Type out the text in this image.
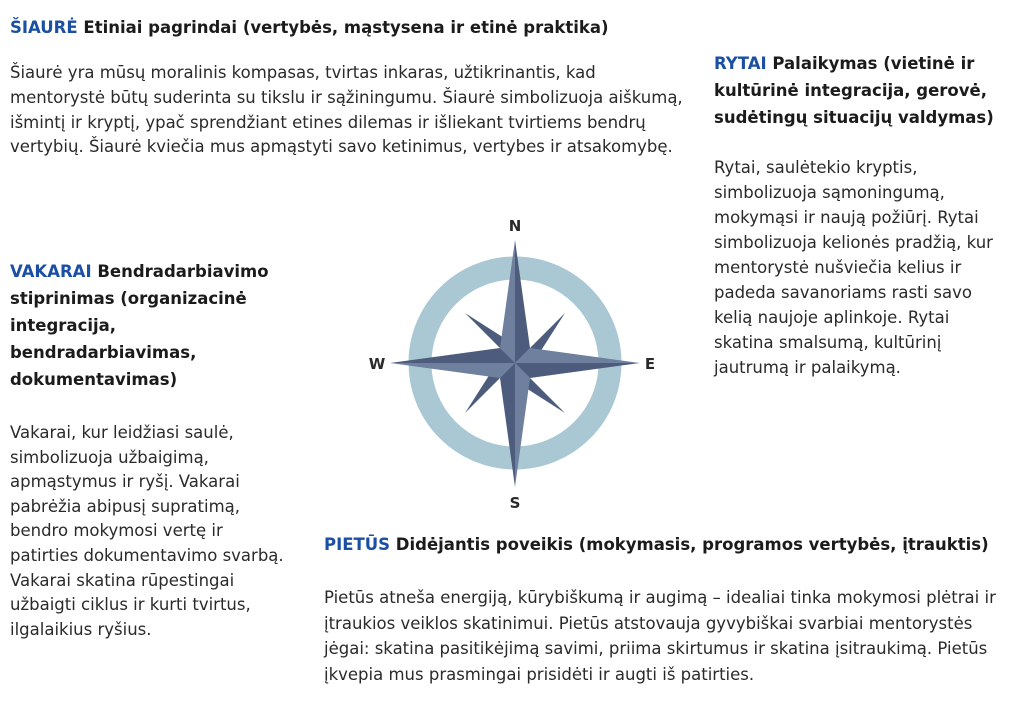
ŠIAURĖ Etiniai pagrindai (vertybės, mąstysena ir etinė praktika)

Šiaurė yra mūsų moralinis kompasas, tvirtas inkaras, užtikrinantis, kad mentorystė būtų suderinta su tikslu ir sąžiningumu. Šiaurė simbolizuoja aiškumą, išmintį ir kryptį, ypač sprendžiant etines dilemas ir išliekant tvirtiems bendrų vertybių. Šiaurė kviečia mus apmąstyti savo ketinimus, vertybes ir atsakomybę.

RYTAI Palaikymas (vietinė ir kultūrinė integracija, gerovė, sudėtingų situacijų valdymas)

Rytai, saulėtekio kryptis, simbolizuoja sąmoningumą, mokymąsi ir naują požiūrį. Rytai simbolizuoja kelionės pradžią, kur mentorystė nušviečia kelius ir padeda savanoriams rasti savo kelią naujoje aplinkoje. Rytai skatina smalsumą, kultūrinį jautrumą ir palaikymą.

VAKARAI Bendradarbiavimo stiprinimas (organizacinė integracija, bendradarbiavimas, dokumentavimas)

Vakarai, kur leidžiasi saulė, simbolizuoja užbaigimą, apmąstymus ir ryšį. Vakarai pabrėžia abipusį supratimą, bendro mokymosi vertę ir patirties dokumentavimo svarbą. Vakarai skatina rūpestingai užbaigti ciklus ir kurti tvirtus, ilgalaikius ryšius.

PIETŪS Didėjantis poveikis (mokymasis, programos vertybės, įtrauktis)

Pietūs atneša energiją, kūrybiškumą ir augimą – idealiai tinka mokymosi plėtrai ir įtraukios veiklos skatinimui. Pietūs atstovauja gyvybiškai svarbiai mentorystės jėgai: skatina pasitikėjimą savimi, priima skirtumus ir skatina įsitraukimą. Pietūs įkvepia mus prasmingai prisidėti ir augti iš patirties.

N
E
S
W
